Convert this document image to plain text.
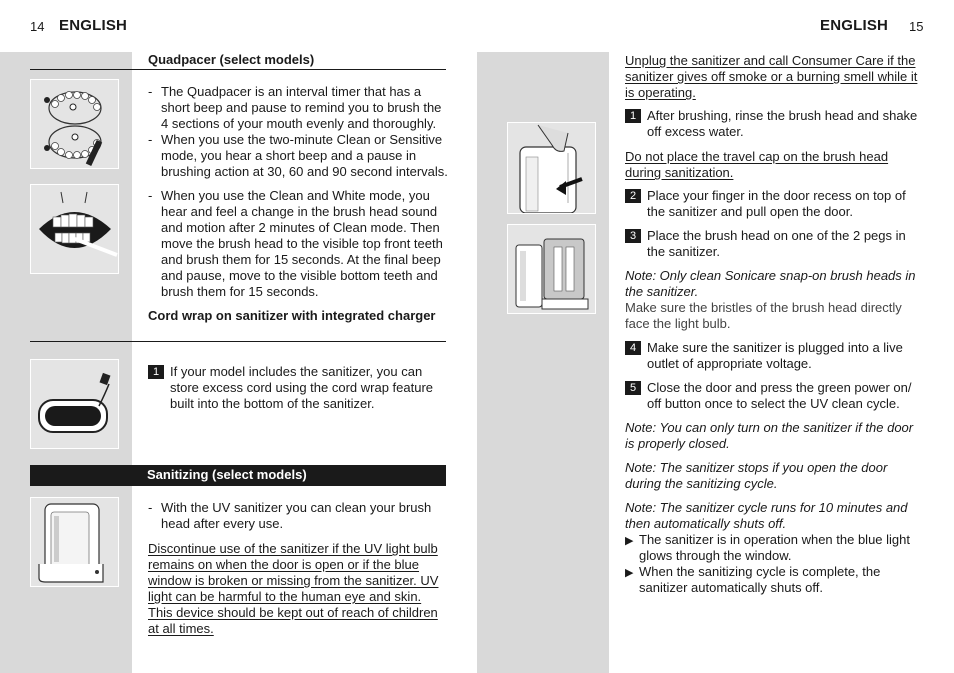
14 ENGLISH	ENGLISH 15
Quadpacer (select models)
- The Quadpacer is an interval timer that has a short beep and pause to remind you to brush the 4 sections of your mouth evenly and thoroughly.
- When you use the two-minute Clean or Sensitive mode, you hear a short beep and a pause in brushing action at 30, 60 and 90 second intervals.
- When you use the Clean and White mode, you hear and feel a change in the brush head sound and motion after 2 minutes of Clean mode. Then move the brush head to the visible top front teeth and brush them for 15 seconds. At the final beep and pause, move to the visible bottom teeth and brush them for 15 seconds.
Cord wrap on sanitizer with integrated charger
1 If your model includes the sanitizer, you can store excess cord using the cord wrap feature built into the bottom of the sanitizer.
Sanitizing (select models)
- With the UV sanitizer you can clean your brush head after every use.
Discontinue use of the sanitizer if the UV light bulb remains on when the door is open or if the blue window is broken or missing from the sanitizer. UV light can be harmful to the human eye and skin. This device should be kept out of reach of children at all times.
Unplug the sanitizer and call Consumer Care if the sanitizer gives off smoke or a burning smell while it is operating.
1 After brushing, rinse the brush head and shake off excess water.
Do not place the travel cap on the brush head during sanitization.
2 Place your finger in the door recess on top of the sanitizer and pull open the door.
3 Place the brush head on one of the 2 pegs in the sanitizer.
Note: Only clean Sonicare snap-on brush heads in the sanitizer.
Make sure the bristles of the brush head directly face the light bulb.
4 Make sure the sanitizer is plugged into a live outlet of appropriate voltage.
5 Close the door and press the green power on/ off button once to select the UV clean cycle.
Note: You can only turn on the sanitizer if the door is properly closed.
Note: The sanitizer stops if you open the door during the sanitizing cycle.
Note: The sanitizer cycle runs for 10 minutes and then automatically shuts off.
▶ The sanitizer is in operation when the blue light glows through the window.
▶ When the sanitizing cycle is complete, the sanitizer automatically shuts off.
